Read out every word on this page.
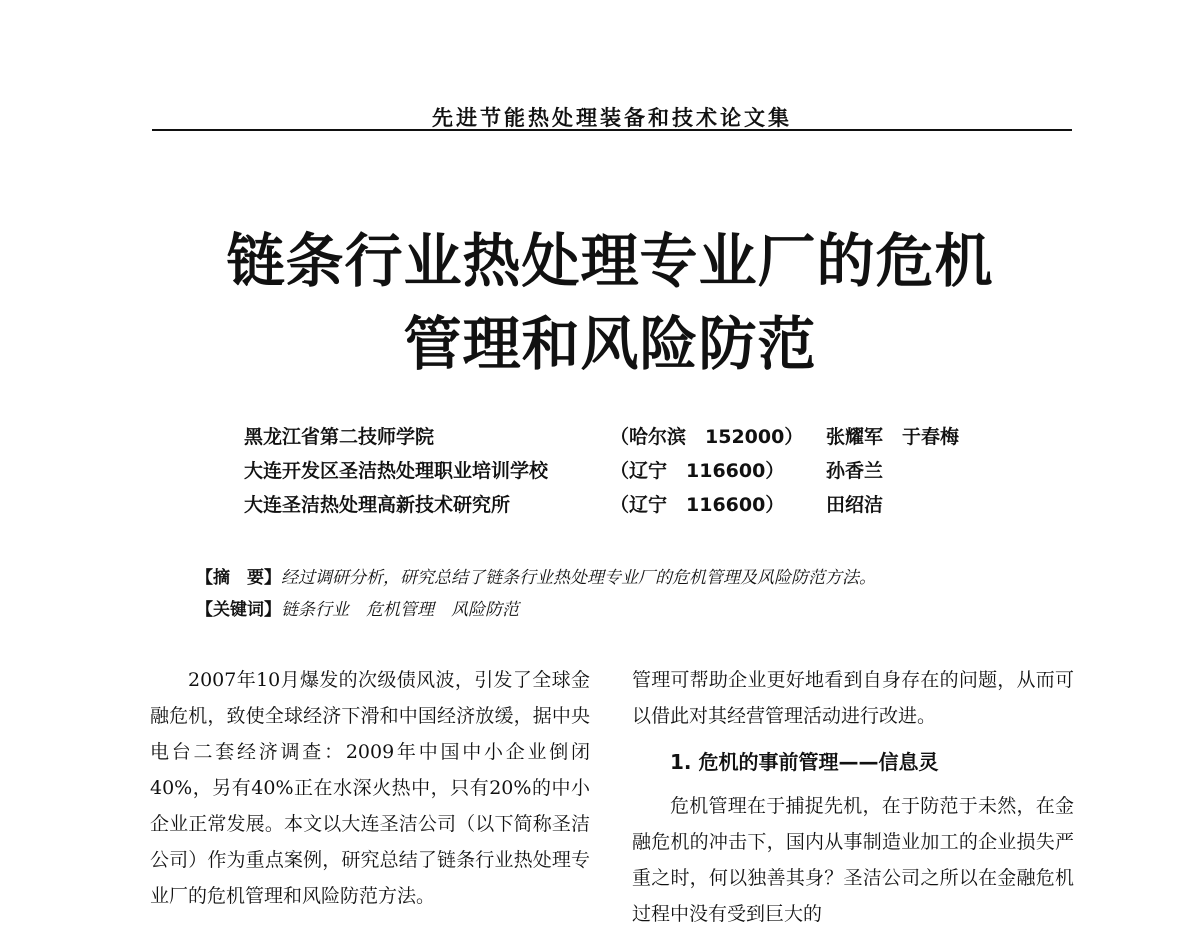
先进节能热处理装备和技术论文集
链条行业热处理专业厂的危机
管理和风险防范
黑龙江省第二技师学院	（哈尔滨　152000） 张耀军　于春梅
大连开发区圣洁热处理职业培训学校	（辽宁　116600） 孙香兰
大连圣洁热处理高新技术研究所	（辽宁　116600） 田绍洁
【摘　要】经过调研分析，研究总结了链条行业热处理专业厂的危机管理及风险防范方法。
【关键词】链条行业　危机管理　风险防范

2007年10月爆发的次级债风波，引发了全球金融危机，致使全球经济下滑和中国经济放缓，据中央电台二套经济调查：2009年中国中小企业倒闭40%，另有40%正在水深火热中，只有20%的中小企业正常发展。本文以大连圣洁公司（以下简称圣洁公司）作为重点案例，研究总结了链条行业热处理专业厂的危机管理和风险防范方法。

管理可帮助企业更好地看到自身存在的问题，从而可以借此对其经营管理活动进行改进。

1. 危机的事前管理——信息灵

危机管理在于捕捉先机，在于防范于未然，在金融危机的冲击下，国内从事制造业加工的企业损失严重之时，何以独善其身？圣洁公司之所以在金融危机过程中没有受到巨大的
